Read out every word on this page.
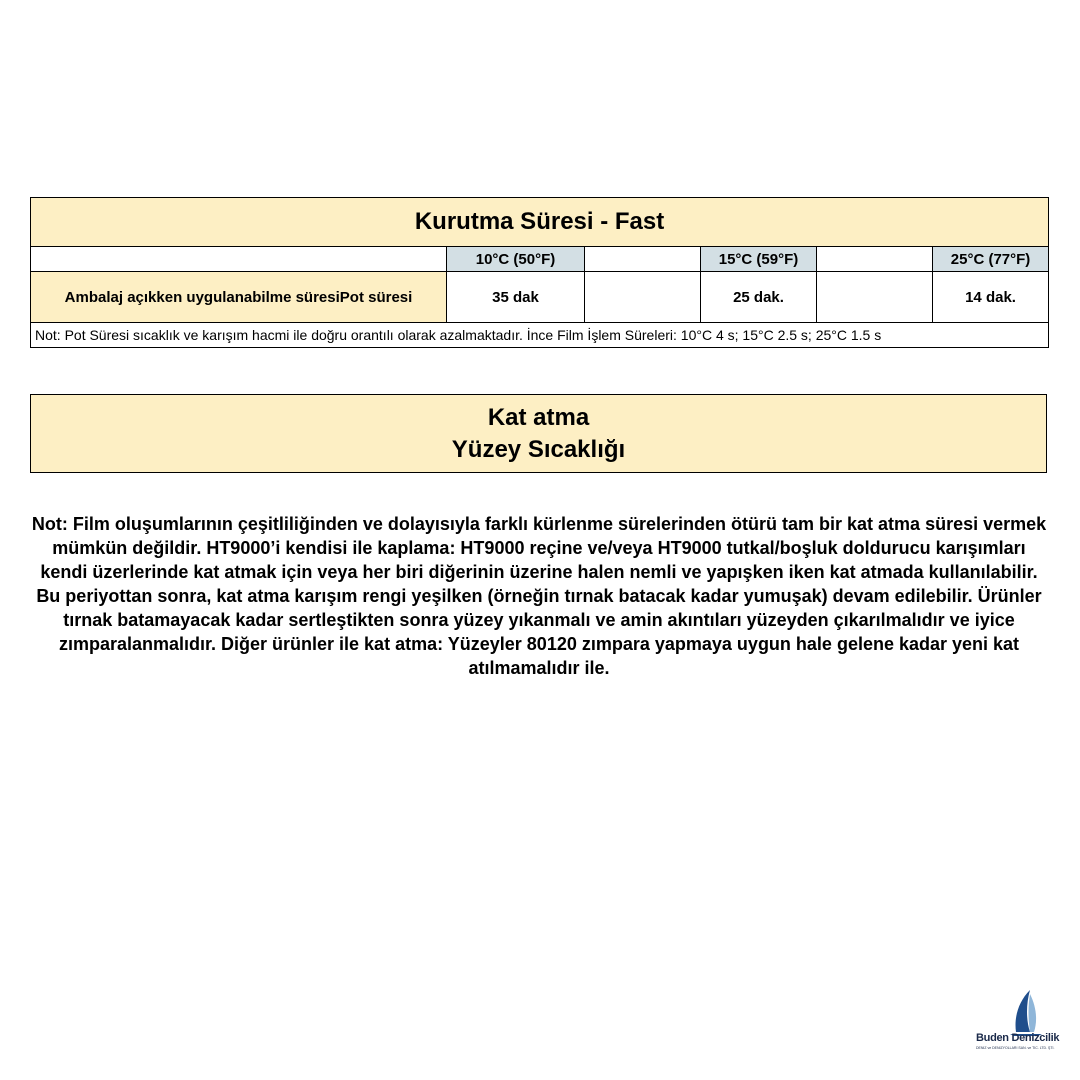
Kurutma Süresi - Fast					
	10°C (50°F)		15°C (59°F)		25°C (77°F)
Ambalaj açıkken uygulanabilme süresiPot süresi	35 dak		25 dak.		14 dak.
Not: Pot Süresi sıcaklık ve karışım hacmi ile doğru orantılı olarak azalmaktadır. İnce Film İşlem Süreleri: 10°C 4 s; 15°C 2.5 s; 25°C 1.5 s					
Kat atma
Yüzey Sıcaklığı

Not: Film oluşumlarının çeşitliliğinden ve dolayısıyla farklı kürlenme sürelerinden ötürü tam bir kat atma süresi vermek mümkün değildir. HT9000’i kendisi ile kaplama: HT9000 reçine ve/veya HT9000 tutkal/boşluk doldurucu karışımları kendi üzerlerinde kat atmak için veya her biri diğerinin üzerine halen nemli ve yapışken iken kat atmada kullanılabilir. Bu periyottan sonra, kat atma karışım rengi yeşilken (örneğin tırnak batacak kadar yumuşak) devam edilebilir. Ürünler tırnak batamayacak kadar sertleştikten sonra yüzey yıkanmalı ve amin akıntıları yüzeyden çıkarılmalıdır ve iyice zımparalanmalıdır. Diğer ürünler ile kat atma: Yüzeyler 80120 zımpara yapmaya uygun hale gelene kadar yeni kat atılmamalıdır ile.

Buden Denizcilik
DENİZ ve DENİZYOLLARI SAN. ve TİC. LTD. ŞTİ.
